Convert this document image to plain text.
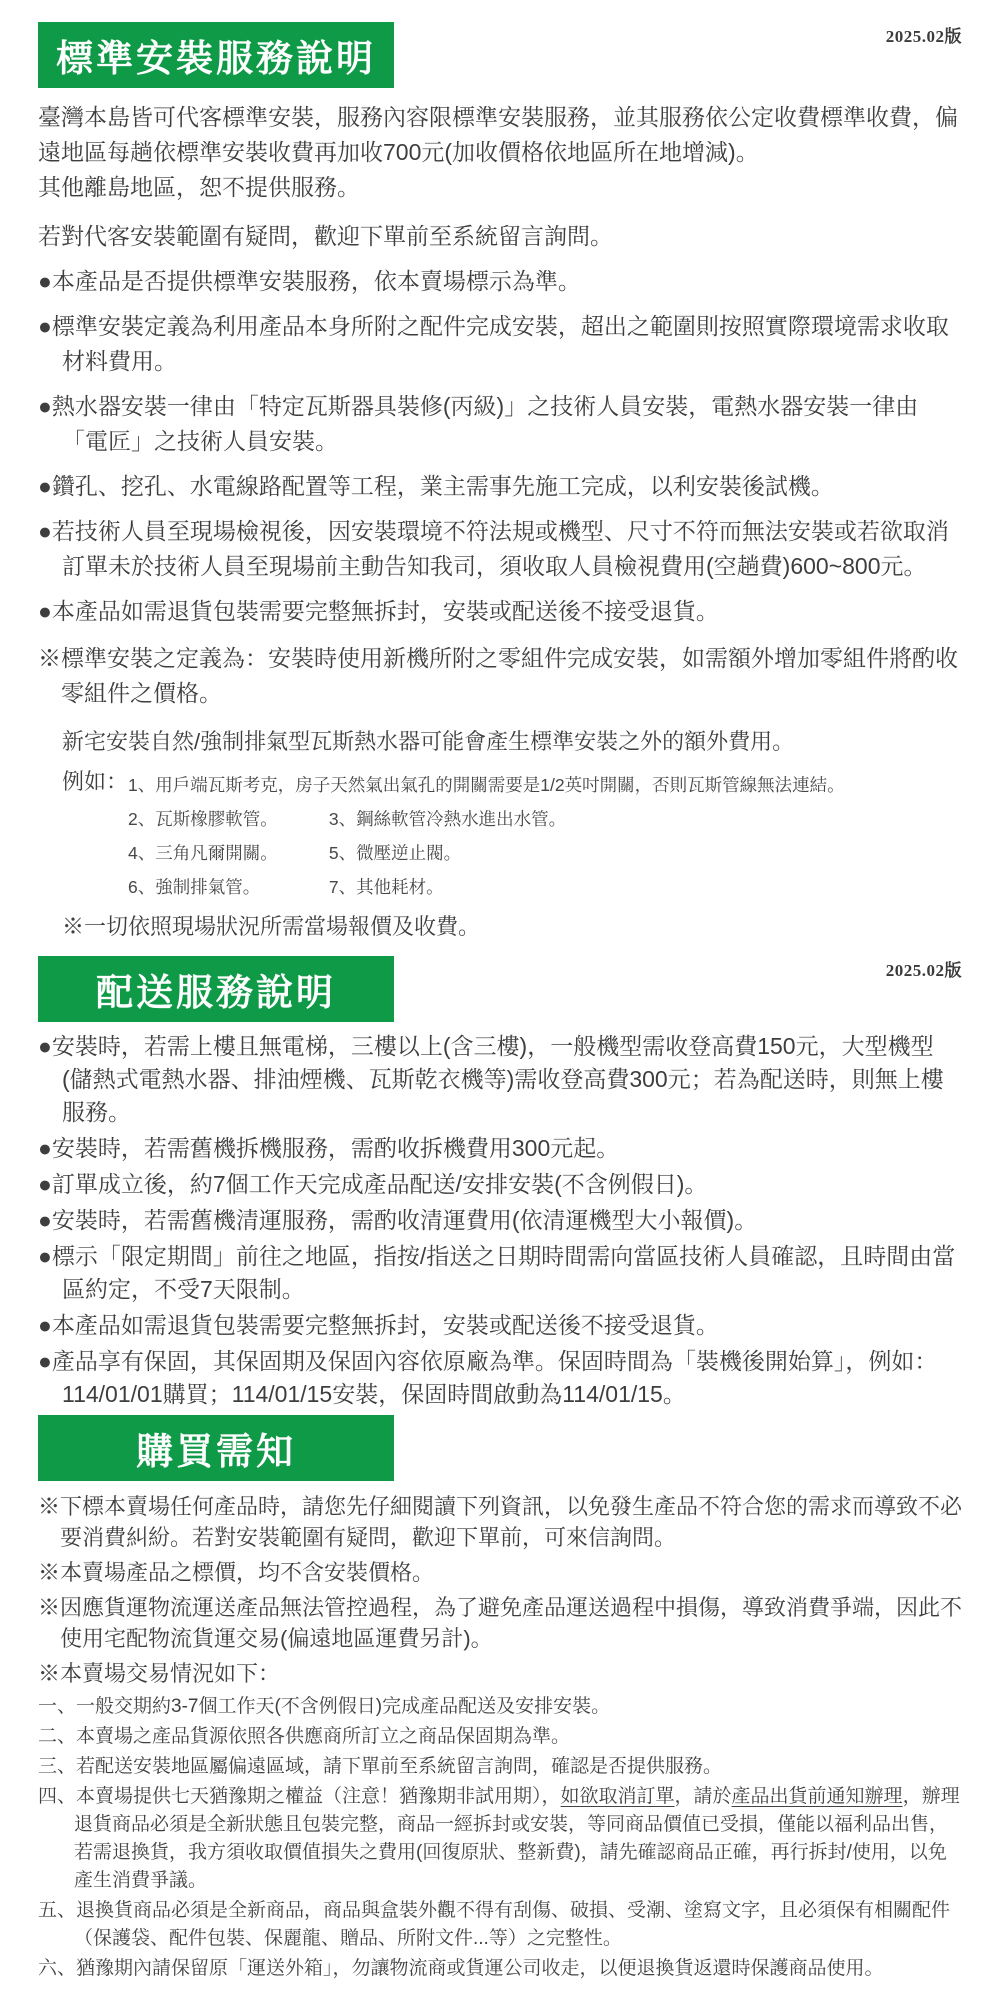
2025.02版
標準安裝服務說明
臺灣本島皆可代客標準安裝，服務內容限標準安裝服務，並其服務依公定收費標準收費，偏遠地區每趟依標準安裝收費再加收700元(加收價格依地區所在地增減)。
其他離島地區，恕不提供服務。
若對代客安裝範圍有疑問，歡迎下單前至系統留言詢問。
●本產品是否提供標準安裝服務，依本賣場標示為準。
●標準安裝定義為利用產品本身所附之配件完成安裝，超出之範圍則按照實際環境需求收取材料費用。
●熱水器安裝一律由「特定瓦斯器具裝修(丙級)」之技術人員安裝，電熱水器安裝一律由「電匠」之技術人員安裝。
●鑽孔、挖孔、水電線路配置等工程，業主需事先施工完成，以利安裝後試機。
●若技術人員至現場檢視後，因安裝環境不符法規或機型、尺寸不符而無法安裝或若欲取消訂單未於技術人員至現場前主動告知我司，須收取人員檢視費用(空趟費)600~800元。
●本產品如需退貨包裝需要完整無拆封，安裝或配送後不接受退貨。
※標準安裝之定義為：安裝時使用新機所附之零組件完成安裝，如需額外增加零組件將酌收零組件之價格。
新宅安裝自然/強制排氣型瓦斯熱水器可能會產生標準安裝之外的額外費用。
例如： 1、用戶端瓦斯考克，房子天然氣出氣孔的開關需要是1/2英吋開關，否則瓦斯管線無法連結。
2、瓦斯橡膠軟管。	3、鋼絲軟管冷熱水進出水管。
4、三角凡爾開關。	5、微壓逆止閥。
6、強制排氣管。	7、其他耗材。
※一切依照現場狀況所需當場報價及收費。
2025.02版
配送服務說明
●安裝時，若需上樓且無電梯，三樓以上(含三樓)，一般機型需收登高費150元，大型機型 (儲熱式電熱水器、排油煙機、瓦斯乾衣機等)需收登高費300元；若為配送時，則無上樓服務。
●安裝時，若需舊機拆機服務，需酌收拆機費用300元起。
●訂單成立後，約7個工作天完成產品配送/安排安裝(不含例假日)。
●安裝時，若需舊機清運服務，需酌收清運費用(依清運機型大小報價)。
●標示「限定期間」前往之地區，指按/指送之日期時間需向當區技術人員確認，且時間由當區約定，不受7天限制。
●本產品如需退貨包裝需要完整無拆封，安裝或配送後不接受退貨。
●產品享有保固，其保固期及保固內容依原廠為準。保固時間為「裝機後開始算」，例如：114/01/01購買；114/01/15安裝，保固時間啟動為114/01/15。
購買需知
※下標本賣場任何產品時，請您先仔細閱讀下列資訊，以免發生產品不符合您的需求而導致不必要消費糾紛。若對安裝範圍有疑問，歡迎下單前，可來信詢問。
※本賣場產品之標價，均不含安裝價格。
※因應貨運物流運送產品無法管控過程，為了避免產品運送過程中損傷，導致消費爭端，因此不使用宅配物流貨運交易(偏遠地區運費另計)。
※本賣場交易情況如下：
一、一般交期約3-7個工作天(不含例假日)完成產品配送及安排安裝。
二、本賣場之產品貨源依照各供應商所訂立之商品保固期為準。
三、若配送安裝地區屬偏遠區域，請下單前至系統留言詢問，確認是否提供服務。
四、本賣場提供七天猶豫期之權益（注意！猶豫期非試用期），如欲取消訂單，請於產品出貨前通知辦理，辦理退貨商品必須是全新狀態且包裝完整，商品一經拆封或安裝，等同商品價值已受損，僅能以福利品出售，若需退換貨，我方須收取價值損失之費用(回復原狀、整新費)，請先確認商品正確，再行拆封/使用，以免產生消費爭議。
五、退換貨商品必須是全新商品，商品與盒裝外觀不得有刮傷、破損、受潮、塗寫文字，且必須保有相關配件（保護袋、配件包裝、保麗龍、贈品、所附文件...等）之完整性。
六、猶豫期內請保留原「運送外箱」，勿讓物流商或貨運公司收走，以便退換貨返還時保護商品使用。
